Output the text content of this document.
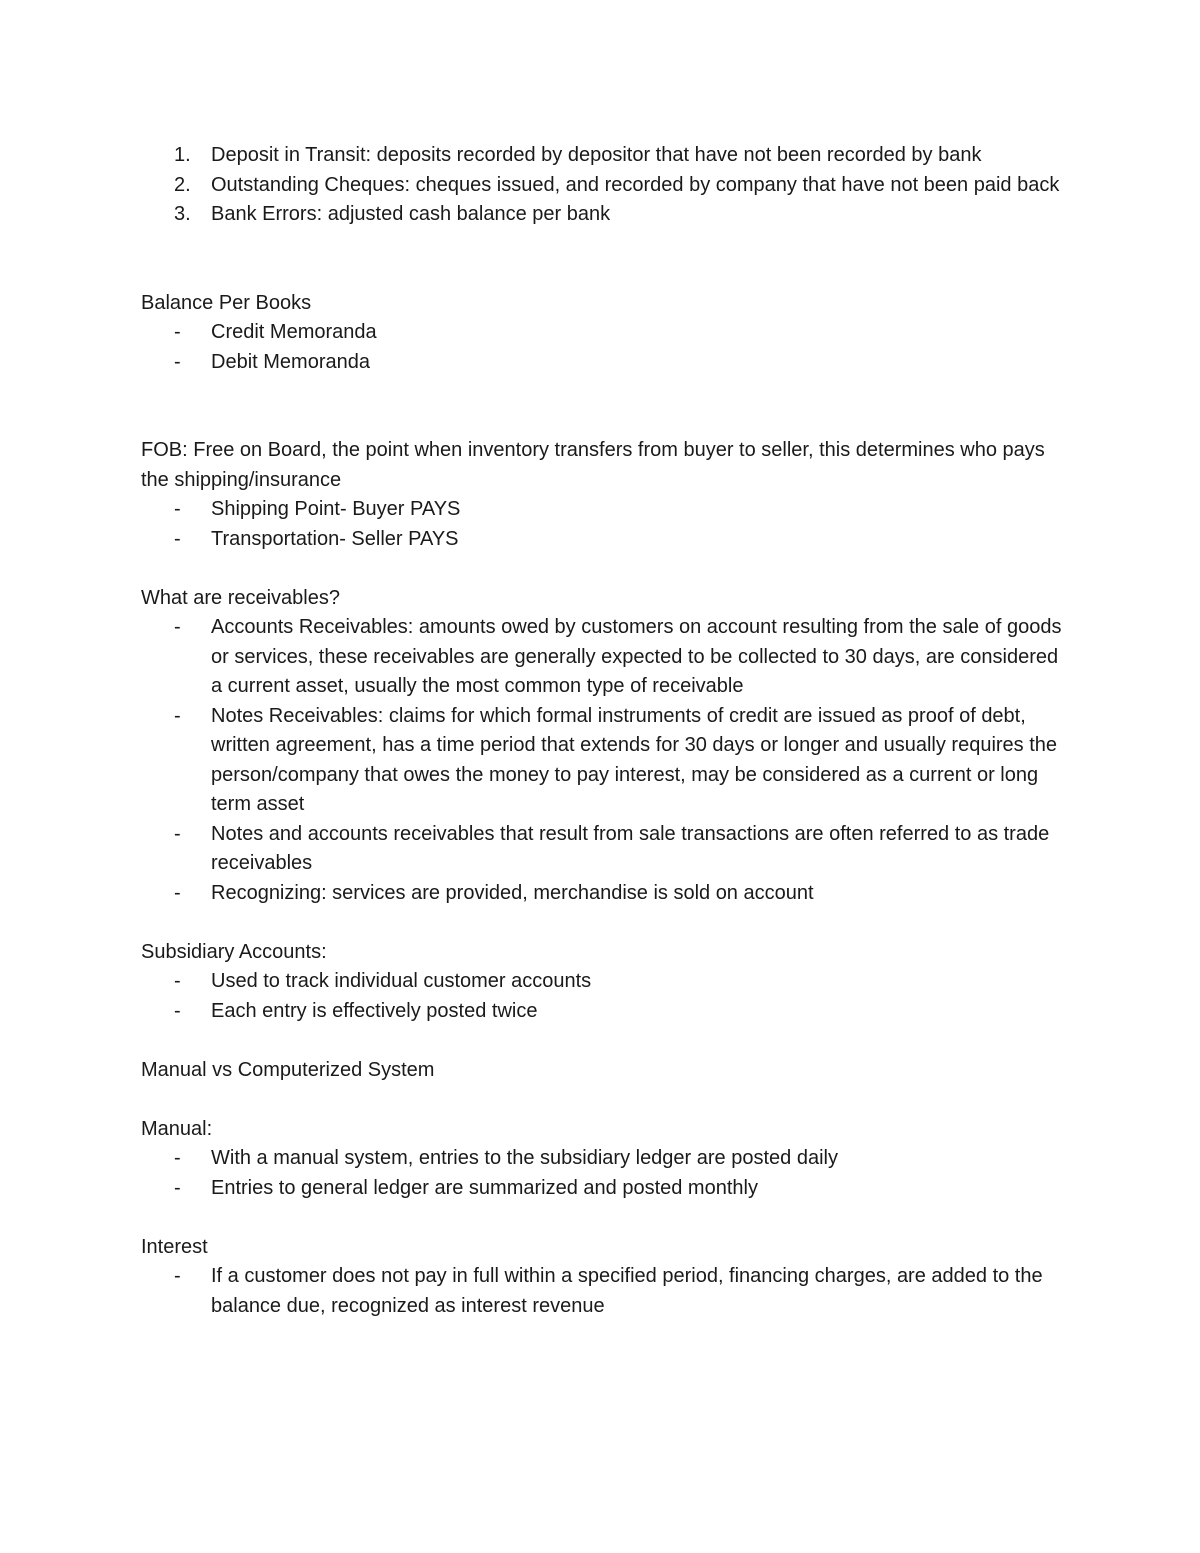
1.	Deposit in Transit: deposits recorded by depositor that have not been recorded by bank
2.	Outstanding Cheques: cheques issued, and recorded by company that have not been paid back
3.	Bank Errors: adjusted cash balance per bank

Balance Per Books

-	Credit Memoranda
-	Debit Memoranda

FOB: Free on Board, the point when inventory transfers from buyer to seller, this determines who pays the shipping/insurance

-	Shipping Point- Buyer PAYS
-	Transportation- Seller PAYS

What are receivables?

-	Accounts Receivables: amounts owed by customers on account resulting from the sale of goods or services, these receivables are generally expected to be collected to 30 days, are considered a current asset, usually the most common type of receivable
-	Notes Receivables: claims for which formal instruments of credit are issued as proof of debt, written agreement, has a time period that extends for 30 days or longer and usually requires the person/company that owes the money to pay interest, may be considered as a current or long term asset
-	Notes and accounts receivables that result from sale transactions are often referred to as trade receivables
-	Recognizing: services are provided, merchandise is sold on account

Subsidiary Accounts:

-	Used to track individual customer accounts
-	Each entry is effectively posted twice

Manual vs Computerized System

Manual:

-	With a manual system, entries to the subsidiary ledger are posted daily
-	Entries to general ledger are summarized and posted monthly

Interest

-	If a customer does not pay in full within a specified period, financing charges, are added to the balance due, recognized as interest revenue
